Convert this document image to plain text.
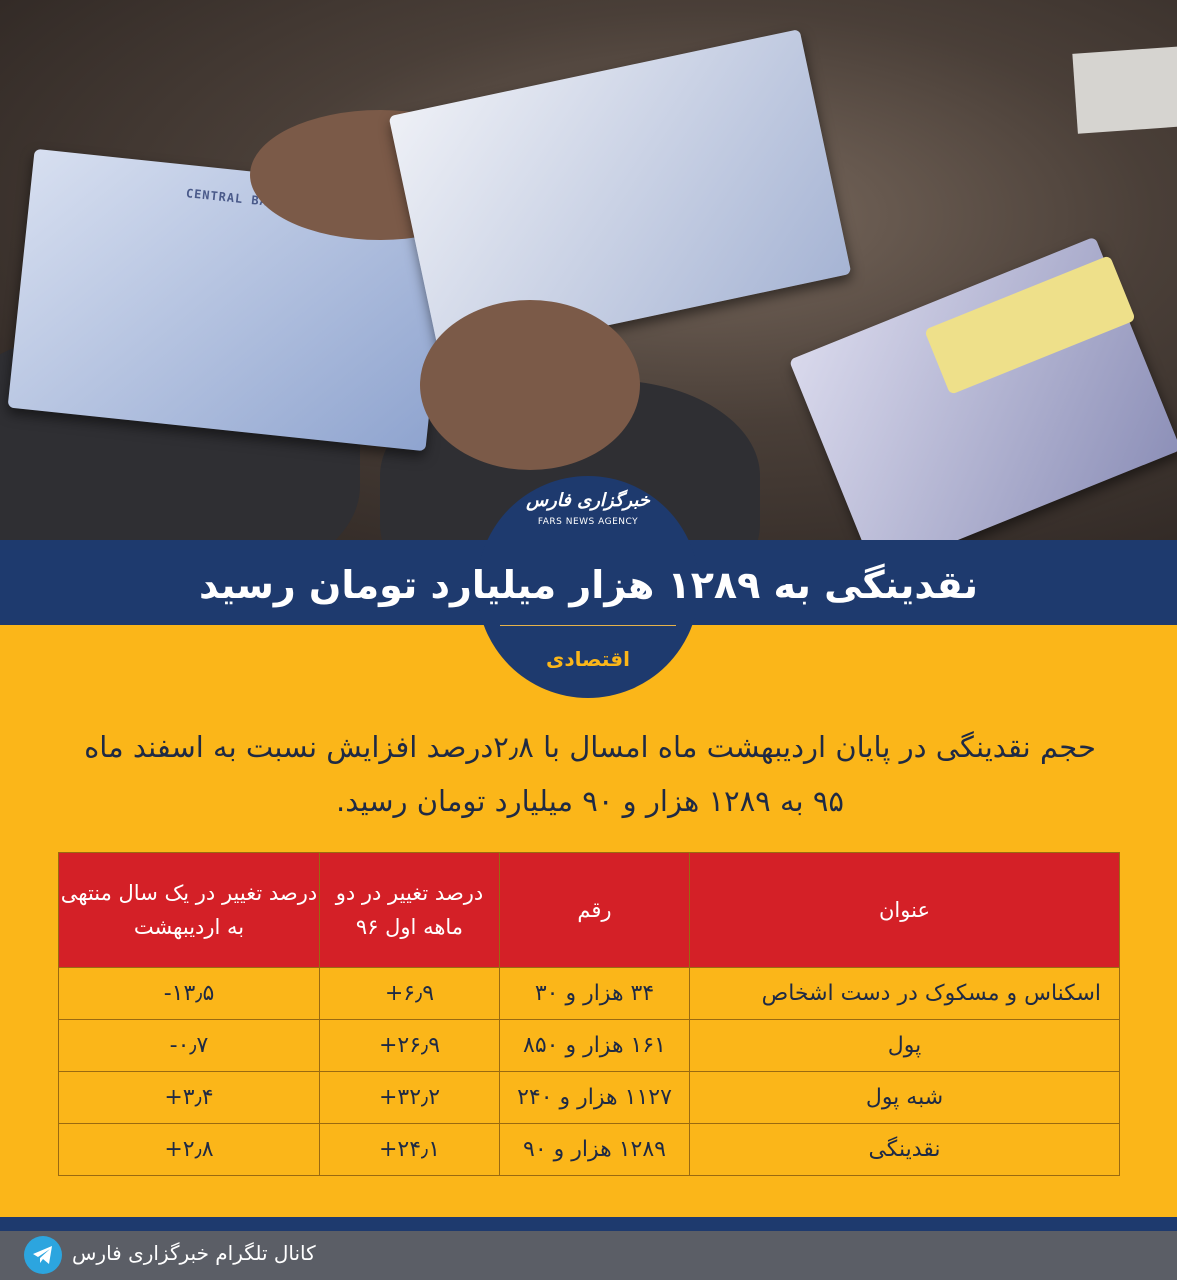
CENTRAL
خبرگزاری فارس
FARS NEWS AGENCY
نقدینگی به ۱۲۸۹ هزار میلیارد تومان رسید
اقتصادی
حجم نقدینگی در پایان اردیبهشت ماه امسال با ۲٫۸درصد افزایش نسبت به اسفند ماه ۹۵ به ۱۲۸۹ هزار و ۹۰ میلیارد تومان رسید.
عنوان	رقم	درصد تغییر در دو ماهه اول ۹۶	درصد تغییر در یک سال منتهی به اردیبهشت
اسکناس و مسکوک در دست اشخاص	۳۴ هزار و ۳۰	+۶٫۹	-۱۳٫۵
پول	۱۶۱ هزار و ۸۵۰	+۲۶٫۹	-۰٫۷
شبه پول	۱۱۲۷ هزار و ۲۴۰	+۳۲٫۲	+۳٫۴
نقدینگی	۱۲۸۹ هزار و ۹۰	+۲۴٫۱	+۲٫۸
کانال تلگرام خبرگزاری فارس
